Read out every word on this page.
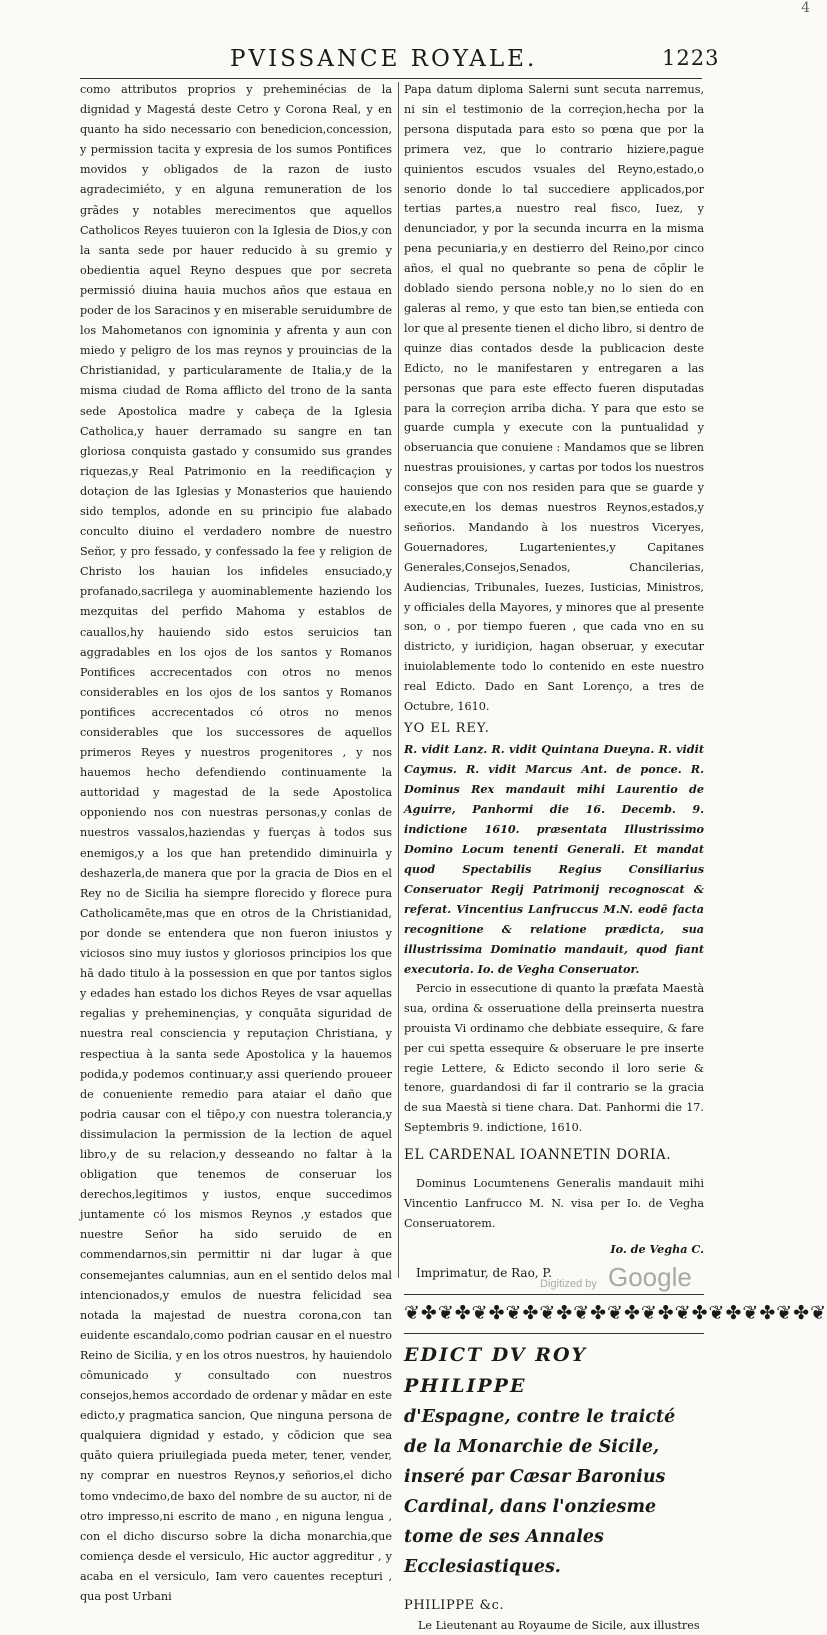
4
PVISSANCE ROYALE.	1223

como attributos proprios y preheminécias de la dignidad y Magestá deste Cetro y Corona Real, y en quanto ha sido necessario con benedicion,concession, y permission tacita y expresia de los sumos Pontifices movidos y obligados de la razon de iusto agradecimiéto, y en alguna remuneration de los grãdes y notables merecimentos que aquellos Catholicos Reyes tuuieron con la Iglesia de Dios,y con la santa sede por hauer reducido à su gremio y obedientia aquel Reyno despues que por secreta permissió diuina hauia muchos años que estaua en poder de los Saracinos y en miserable seruidumbre de los Mahometanos con ignominia y afrenta y aun con miedo y peligro de los mas reynos y prouincias de la Christianidad, y particularamente de Italia,y de la misma ciudad de Roma afflicto del trono de la santa sede Apostolica madre y cabeça de la Iglesia Catholica,y hauer derramado su sangre en tan gloriosa conquista gastado y consumido sus grandes riquezas,y Real Patrimonio en la reedificaçion y dotaçion de las Iglesias y Monasterios que hauiendo sido templos, adonde en su principio fue alabado conculto diuino el verdadero nombre de nuestro Señor, y pro fessado, y confessado la fee y religion de Christo los hauian los infideles ensuciado,y profanado,sacrilega y auominablemente haziendo los mezquitas del perfido Mahoma y establos de cauallos,hy hauiendo sido estos seruicios tan aggradables en los ojos de los santos y Romanos Pontifices accrecentados con otros no menos considerables en los ojos de los santos y Romanos pontifices accrecentados có otros no menos considerables que los successores de aquellos primeros Reyes y nuestros progenitores , y nos hauemos hecho defendiendo continuamente la auttoridad y magestad de la sede Apostolica opponiendo nos con nuestras personas,y conlas de nuestros vassalos,haziendas y fuerças à todos sus enemigos,y a los que han pretendido diminuirla y deshazerla,de manera que por la gracia de Dios en el Rey no de Sicilia ha siempre florecido y florece pura Catholicamēte,mas que en otros de la Christianidad, por donde se entendera que non fueron iniustos y viciosos sino muy iustos y gloriosos principios los que hā dado titulo à la possession en que por tantos siglos y edades han estado los dichos Reyes de vsar aquellas regalias y preheminençias, y conquāta siguridad de nuestra real consciencia y reputaçion Christiana, y respectiua à la santa sede Apostolica y la hauemos podida,y podemos continuar,y assi queriendo proueer de conueniente remedio para ataiar el daño que podria causar con el tiēpo,y con nuestra tolerancia,y dissimulacion la permission de la lection de aquel libro,y de su relacion,y desseando no faltar à la obligation que tenemos de conseruar los derechos,legitimos y iustos, enque succedimos juntamente có los mismos Reynos ,y estados que nuestre Señor ha sido seruido de en commendarnos,sin permittir ni dar lugar à que consemejantes calumnias, aun en el sentido delos mal intencionados,y emulos de nuestra felicidad sea notada la majestad de nuestra corona,con tan euidente escandalo,como podrian causar en el nuestro Reino de Sicilia, y en los otros nuestros, hy hauiendolo cōmunicado y consultado con nuestros consejos,hemos accordado de ordenar y mādar en este edicto,y pragmatica sancion, Que ninguna persona de qualquiera dignidad y estado, y cōdicion que sea quāto quiera priuilegiada pueda meter, tener, vender, ny comprar en nuestros Reynos,y señorios,el dicho tomo vndecimo,de baxo del nombre de su auctor, ni de otro impresso,ni escrito de mano , en niguna lengua , con el dicho discurso sobre la dicha monarchia,que comiença desde el versiculo, Hic auctor aggreditur , y acaba en el versiculo, Iam vero cauentes recepturi , qua post Urbani

Papa datum diploma Salerni sunt secuta narremus, ni sin el testimonio de la correçion,hecha por la persona disputada para esto so pœna que por la primera vez, que lo contrario hiziere,pague quinientos escudos vsuales del Reyno,estado,o senorio donde lo tal succediere applicados,por tertias partes,a nuestro real fisco, Iuez, y denunciador, y por la secunda incurra en la misma pena pecuniaria,y en destierro del Reino,por cinco años, el qual no quebrante so pena de cōplir le doblado siendo persona noble,y no lo sien do en galeras al remo, y que esto tan bien,se entieda con lor que al presente tienen el dicho libro, si dentro de quinze dias contados desde la publicacion deste Edicto, no le manifestaren y entregaren a las personas que para este effecto fueren disputadas para la correçion arriba dicha. Y para que esto se guarde cumpla y execute con la puntualidad y obseruancia que conuiene : Mandamos que se libren nuestras prouisiones, y cartas por todos los nuestros consejos que con nos residen para que se guarde y execute,en los demas nuestros Reynos,estados,y señorios. Mandando à los nuestros Viceryes, Gouernadores, Lugartenientes,y Capitanes Generales,Consejos,Senados, Chancilerias, Audiencias, Tribunales, Iuezes, Iusticias, Ministros, y officiales della Mayores, y minores que al presente son, o , por tiempo fueren , que cada vno en su districto, y iuridiçion, hagan obseruar, y executar inuiolablemente todo lo contenido en este nuestro real Edicto. Dado en Sant Lorenço, a tres de Octubre, 1610.

YO EL REY.

R. vidit Lanz. R. vidit Quintana Dueyna. R. vidit Caymus. R. vidit Marcus Ant. de ponce. R. Dominus Rex mandauit mihi Laurentio de Aguirre, Panhormi die 16. Decemb. 9. indictione 1610. præsentata Illustrissimo Domino Locum tenenti Generali. Et mandat quod Spectabilis Regius Consiliarius Conseruator Regij Patrimonij recognoscat & referat. Vincentius Lanfruccus M.N. eodē facta recognitione & relatione prædicta, sua illustrissima Dominatio mandauit, quod fiant executoria. Io. de Vegha Conseruator.

Percio in essecutione di quanto la præfata Maestà sua, ordina & osseruatione della preinserta nuestra prouista Vi ordinamo che debbiate essequire, & fare per cui spetta essequire & obseruare le pre inserte regie Lettere, & Edicto secondo il loro serie & tenore, guardandosi di far il contrario se la gracia de sua Maestà si tiene chara. Dat. Panhormi die 17. Septembris 9. indictione, 1610.

EL CARDENAL IOANNETIN DORIA.

Dominus Locumtenens Generalis mandauit mihi Vincentio Lanfrucco M. N. visa per Io. de Vegha Conseruatorem.

Io. de Vegha C.

Imprimatur, de Rao, P.

❦✤❦✤❦✤❦✤❦✤❦✤❦✤❦✤❦✤❦✤❦✤❦✤❦

EDICT DV ROY PHILIPPE
d'Espagne, contre le traicté de la Monarchie de Sicile, inseré par Cæsar Baronius Cardinal, dans l'onziesme tome de ses Annales Ecclesiastiques.

PHILIPPE &c.

Le Lieutenant au Royaume de Sicile, aux illustres

Digitized by Google
